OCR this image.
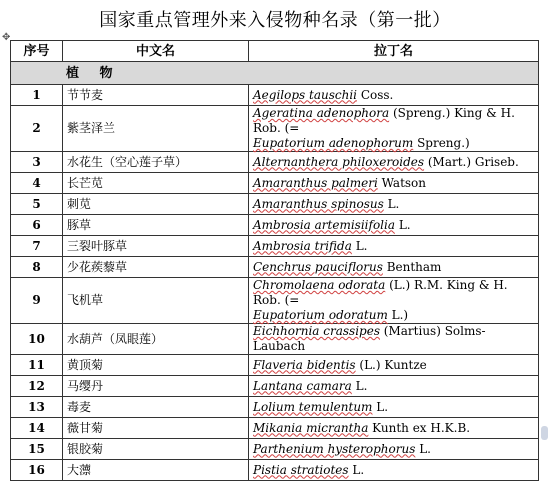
国家重点管理外来入侵物种名录（第一批）
✥
序号	中文名	拉丁名
植 物		
1	节节麦	Aegilops tauschii Coss.
2	紫茎泽兰	Ageratina adenophora (Spreng.) King & H. Rob. (=
Eupatorium adenophorum Spreng.)
3	水花生（空心莲子草）	Alternanthera philoxeroides (Mart.) Griseb.
4	长芒苋	Amaranthus palmeri Watson
5	刺苋	Amaranthus spinosus L.
6	豚草	Ambrosia artemisiifolia L.
7	三裂叶豚草	Ambrosia trifida L.
8	少花蒺藜草	Cenchrus pauciflorus Bentham
9	飞机草	Chromolaena odorata (L.) R.M. King & H. Rob. (=
Eupatorium odoratum L.)
10	水葫芦（凤眼莲）	Eichhornia crassipes (Martius) Solms-Laubach
11	黄顶菊	Flaveria bidentis (L.) Kuntze
12	马缨丹	Lantana camara L.
13	毒麦	Lolium temulentum L.
14	薇甘菊	Mikania micrantha Kunth ex H.K.B.
15	银胶菊	Parthenium hysterophorus L.
16	大薸	Pistia stratiotes L.
